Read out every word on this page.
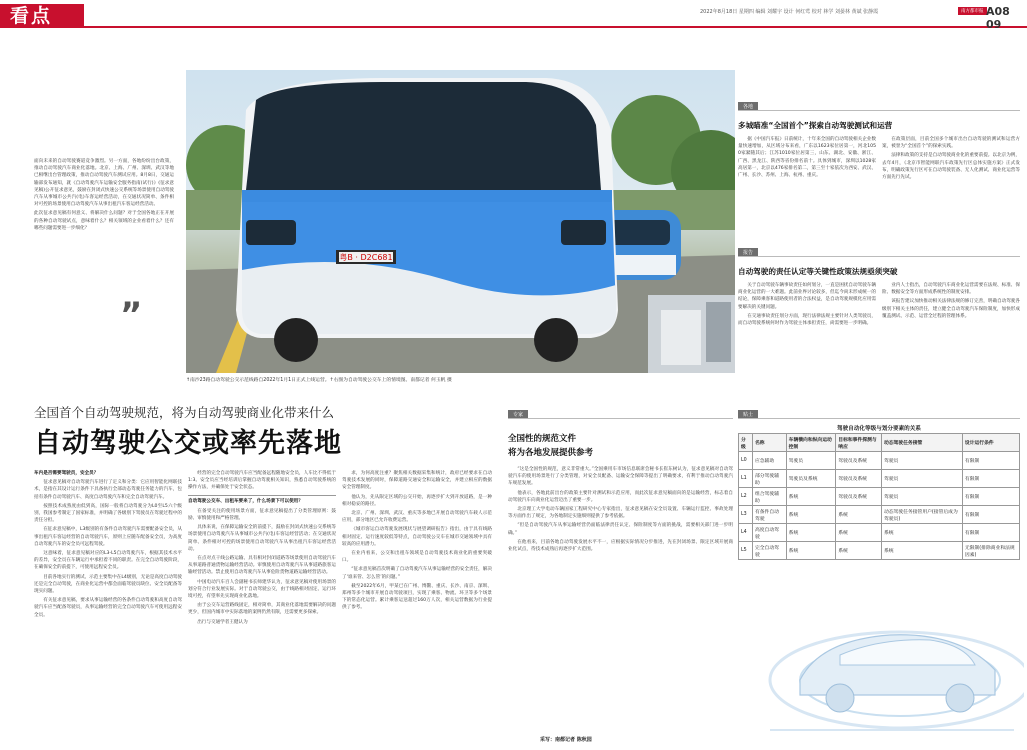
看点	2022年8月18日 星期四 编辑 刘耀宇 设计 何红莺 校对 林学 刘晏林 黄斌 张静霞	南方都市报 A08 09
粤B · D2C681
↑南沙23路自动驾驶公交示范线路自2022年1月1日正式上线运营。↑右图为自动驾驶公交车上的情境图。南都记者 何玉帆 摄
面向未来的自动驾驶赛道竞争激烈。另一方面，各地纷纷出台政策，推动自动驾驶汽车商业化落地。北京、上海、广州、深圳、武汉等地已相继出台管理政策，推动自动驾驶汽车测试应用。8月8日，交通运输部发布通知，就《自动驾驶汽车运输安全服务指南(试行)》(征求意见稿)公开征求意见，鼓励在封闭式快速公交系统等场景使用自动驾驶汽车从事城市公共汽(电)车客运经营活动，在交通状况简单、条件相对可控的场景使用自动驾驶汽车从事出租汽车客运经营活动。
此次征求意见稿有何意义、将解决什么问题？对于全国各地正在开展的各种自动驾驶试点，意味着什么？相关领域的企业看着什么？还有哪些问题需要进一步细化？
”
全国首个自动驾驶规范，将为自动驾驶商业化带来什么
自动驾驶公交或率先落地
车内是否需要驾驶员，安全员？

征求意见稿对自动驾驶汽车进行了定义和分类：它应用智能化网联技术，是指在其设计运行条件下具备执行全部动态驾驶任务能力的汽车，包括有条件自动驾驶汽车、高度自动驾驶汽车和完全自动驾驶汽车。

按照技术成熟度由低到高，国际一般将自动驾驶分为L0至L5六个级别，我国参考制定了国家标准，并明确了各级别下驾驶员在驾驶过程中的责任分担。

在征求意见稿中，L3级别的有条件自动驾驶汽车需要配备安全员，从事出租汽车客运经营的自动驾驶汽车，原则上应随车配备安全员，为高度自动驾驶汽车的安全员可远程驾驶。

这意味着，征求意见稿对应的L3-L5自动驾驶汽车，根据其技术水平的差异，安全员在车辆运行中承担着不同的职责。在完全自动驾驶阶段，在确保安全的前提下，可使用远程安全员。

目前各地实行的测试、示范主要集中在L4级别，无论是高度自动驾驶还是完全自动驾驶，在商业化运营中都会面临驾驶员缺位、安全员配备等现实问题。

有关征求意见稿，要求从事运输经营的各条件自动驾驶和高度自动驾驶汽车应当配备驾驶员，从事运输经营的完全自动驾驶汽车可使用远程安全员。

经营的完全自动驾驶汽车应当配备远程随地安全员，人车比不得低于1:3。安全员应当经培训后掌握自动驾驶相关知识，熟悉自动驾驶系统的操作方法，并确保处于安全状态。

自动驾驶公交车、出租车要来了，什么场景下可以使用？

在备受关注的使用场景方面，征求意见稿提出了分类管理原则：鼓励、审慎使用和严格管理。

具体来说，在保障运输安全的前提下，鼓励在封闭式快速公交系统等场景使用自动驾驶汽车从事城市公共汽(电)车客运经营活动；在交通状况简单、条件相对可控的场景使用自动驾驶汽车从事出租汽车客运经营活动。

在点对点干线公路运输、具有相对封闭道路等场景使用自动驾驶汽车从事道路普通货物运输经营活动。审慎使用自动驾驶汽车从事道路旅客运输经营活动。禁止使用自动驾驶汽车从事危险货物道路运输经营活动。

中国电动汽车百人会副秘书长师建华认为，征求意见稿对使用场景的划分符合行业发展实际。对于自动驾驶公交，由于线路相对固定、运行环境可控，有望率先实现商业化落地。

由于公交车运营路线固定，相对简单，其商业化落地需要解决的问题更少，但国内城市中实际落地的案例仍然有限，还需要更多探索。

出行与交通学者王健认为

求，为何高度注重？聚焦相关数据采集和统计，政府已经要求在自动驾驶技术发展的同时，保障道路交通安全和运输安全，并建立相应的数据安全管理制度。

他认为，先从限定区域的公交开始，再逐步扩大到开放道路，是一种相对稳妥的路径。

北京、广州、深圳、武汉、重庆等多地已开展自动驾驶汽车载人示范应用，部分地区已允许收费运营。

《城市客运自动驾驶发展现状与展望调研报告》指出，由于具有线路相对固定、运行速度较低等特点，自动驾驶公交车在城市交通领域中具有较高的应用潜力。

在业内看来，公交和出租车领域是自动驾驶技术商业化的重要突破口。

“征求意见稿首次明确了自动驾驶汽车从事运输经营的安全责任，解决了‘谁来管、怎么管’的问题。”

截至2022年6月，甲某已在广州、博鳌、重庆、长沙、南京、深圳、郑州等多个城市开展自动驾驶项目，实现了乘客、物流、环卫等多个场景下的常态化运营。累计乘客运送超过160万人次，相关运营数据为行业提供了参考。

专家
全国性的规范文件
将为各地发展提供参考

“这是全国性的规范，意义非常重大。”全国乘用车市场信息联席会秘书长崔东树认为，征求意见稿对自动驾驶汽车的使用场景进行了分类管理，对安全员配备、运输安全保障等提出了明确要求，有利于推动自动驾驶汽车规范发展。

他表示，各地此前出台的政策主要针对测试和示范应用，而此次征求意见稿面向的是运输经营，标志着自动驾驶汽车向商业化运营迈出了重要一步。

北京理工大学电动车辆国家工程研究中心专家指出，征求意见稿在安全员设置、车辆运行监控、事故处理等方面作出了规定，为各地制定实施细则提供了参考依据。

“但是自动驾驶汽车从事运输经营仍面临法律责任认定、保险制度等方面的挑战，需要相关部门进一步明确。”

在他看来，目前各地自动驾驶发展水平不一，应根据实际情况分步推进，先在封闭场景、限定区域开展商业化试点，待技术成熟后再逐步扩大范围。

采写：南都记者 陈秋园
各地
多城瞄准“全国首个”探索自动驾驶测试和运营

据《中国汽车报》日前统计，十年来全国的自动驾驶相关企业数量快速增加，从区域分布来看，广东以1623家位居第一，河北1050家紧随其后；江苏1010家位居第三，山东、湖北、安徽、浙江、广西、黑龙江、陕西等省份排名前十。具体到城市，深圳以1028家高居第一，北京以476家排名第二，第三至十家依次为西安、武汉、广州、长沙、苏州、上海、杭州、重庆。

在政策层面，目前全国多个城市出台自动驾驶的测试和运营方案，被誉为“全国首个”的探索实践。

法律和政策的支持是自动驾驶商业化的重要前提。以北京为例，去年4月，《北京市智能网联汽车政策先行区总体实施方案》正式发布，明确政策先行区可在自动驾驶装备、无人化测试、商业化运营等方面先行先试。

报告
自动驾驶的责任认定等关键性政策法规亟须突破

关于自动驾驶车辆事故责任如何划分，一直是困扰自动驾驶车辆商业化运营的一大难题。此前业界讨论较多，但迄今尚未形成统一的结论，保障乘客和道路使用者的合法权益，是自动驾驶规模化应用需要解决的关键问题。

在交通事故责任划分方面，现行法律法规主要针对人类驾驶员，而自动驾驶系统何时作为驾驶主体承担责任，尚需要进一步明确。

业内人士指出，自动驾驶汽车商业化运营需要在法规、标准、保险、数据安全等方面形成系统性的制度安排。

该报告建议加快推动相关法律法规的修订完善，明确自动驾驶各级别下相关主体的责任，建立健全自动驾驶汽车保险制度，加快形成覆盖测试、示范、运营全过程的管理体系。

贴士
驾驶自动化等级与划分要素的关系
分级	名称	车辆横向和纵向运动控制	目标和事件探测与响应	动态驾驶任务接管	设计运行条件
L0	应急辅助	驾驶员	驾驶员及系统	驾驶员	有限制
L1	部分驾驶辅助	驾驶员及系统	驾驶员及系统	驾驶员	有限制
L2	组合驾驶辅助	系统	驾驶员及系统	驾驶员	有限制
L3	有条件自动驾驶	系统	系统	动态驾驶任务接管用户(接管后成为驾驶员)	有限制
L4	高度自动驾驶	系统	系统	系统	有限制
L5	完全自动驾驶	系统	系统	系统	无限制(排除商业和法规因素)
